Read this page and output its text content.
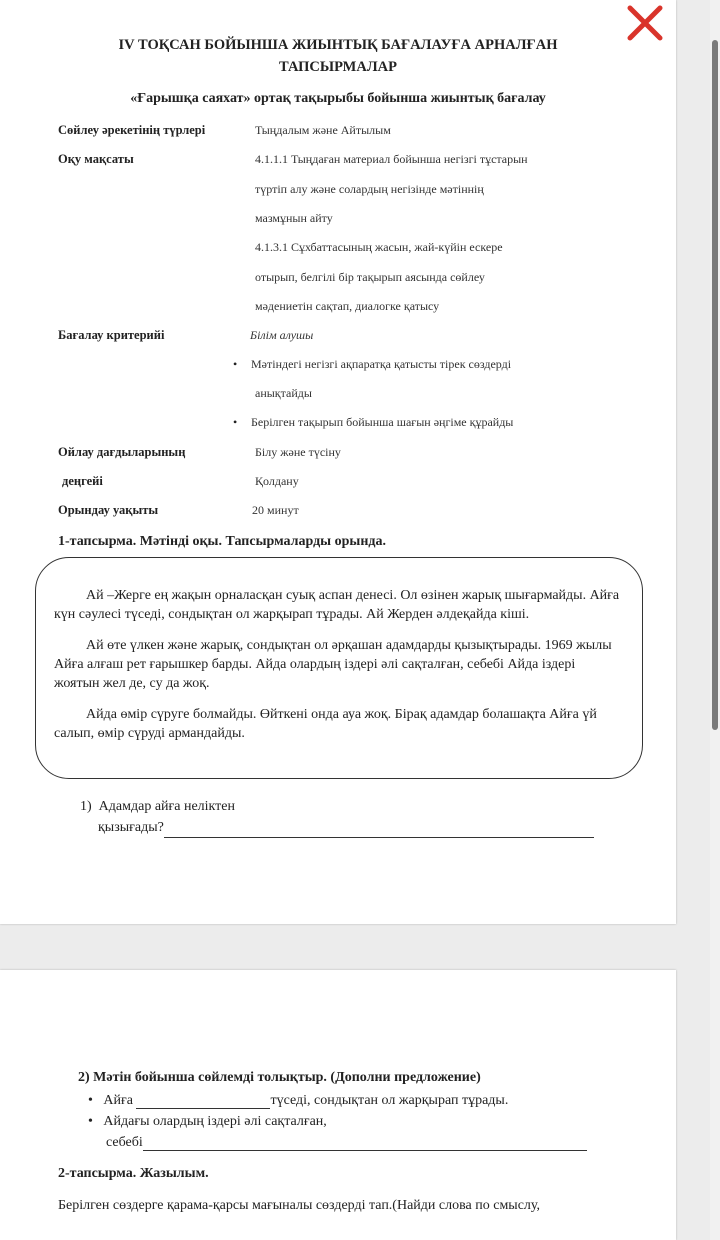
IV ТОҚСАН БОЙЫНША ЖИЫНТЫҚ БАҒАЛАУҒА АРНАЛҒАН
ТАПСЫРМАЛАР
«Ғарышқа саяхат» ортақ тақырыбы бойынша жиынтық бағалау
Сөйлеу әрекетінің түрлері	Тыңдалым және Айтылым
Оқу мақсаты	4.1.1.1 Тыңдаған материал бойынша негізгі тұстарын
түртіп алу және солардың негізінде мәтіннің
мазмұнын айту
4.1.3.1 Сұхбаттасының жасын, жай-күйін ескере
отырып, белгілі бір тақырып аясында сөйлеу
мәдениетін сақтап, диалогке қатысу
Бағалау критерийі	Білім алушы
• Мәтіндегі негізгі ақпаратқа қатысты тірек сөздерді
анықтайды
• Берілген тақырып бойынша шағын әңгіме құрайды
Ойлау дағдыларының	Білу және түсіну
деңгейі	Қолдану
Орындау уақыты	20 минут
1-тапсырма. Мәтінді оқы. Тапсырмаларды орында.

Ай –Жерге ең жақын орналасқан суық аспан денесі. Ол өзінен жарық шығармайды. Айға күн сәулесі түседі, сондықтан ол жарқырап тұрады. Ай Жерден әлдеқайда кіші.

Ай өте үлкен және жарық, сондықтан ол әрқашан адамдарды қызықтырады. 1969 жылы Айға алғаш рет ғарышкер барды. Айда олардың іздері әлі сақталған, себебі Айда іздері жоятын жел де, су да жоқ.

Айда өмір сүруге болмайды. Өйткені онда ауа жоқ. Бірақ адамдар болашақта Айға үй салып, өмір сүруді армандайды.

1) Адамдар айға неліктен
қызығады?
2) Мәтін бойынша сөйлемді толықтыр. (Дополни предложение)
• Айға	түседі, сондықтан ол жарқырап тұрады.
• Айдағы олардың іздері әлі сақталған,
себебі
2-тапсырма. Жазылым.
Берілген сөздерге қарама-қарсы мағыналы сөздерді тап.(Найди слова по смыслу,
